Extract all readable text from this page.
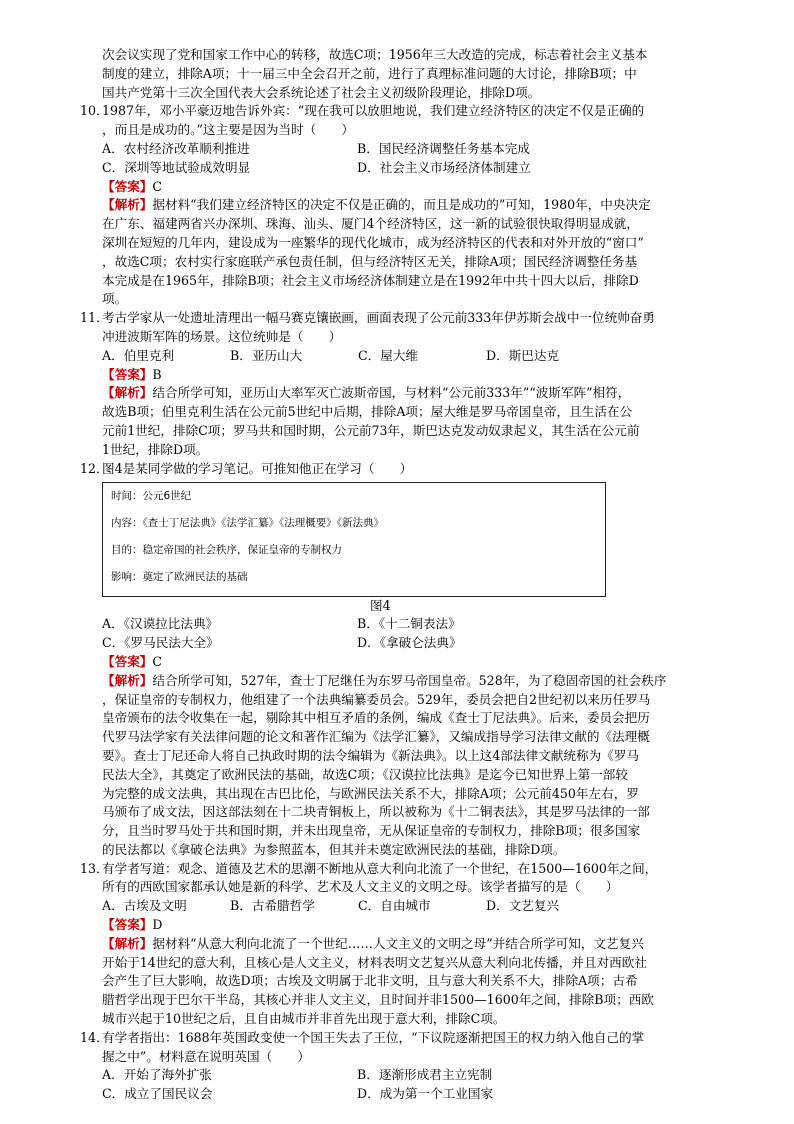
次会议实现了党和国家工作中心的转移，故选C项；1956年三大改造的完成，标志着社会主义基本
制度的建立，排除A项；十一届三中全会召开之前，进行了真理标准问题的大讨论，排除B项；中
国共产党第十三次全国代表大会系统论述了社会主义初级阶段理论，排除D项。
10．1987年，邓小平豪迈地告诉外宾：“现在我可以放胆地说，我们建立经济特区的决定不仅是正确的
，而且是成功的。”这主要是因为当时（　　）
A．农村经济改革顺利推进	B．国民经济调整任务基本完成
C．深圳等地试验成效明显	D．社会主义市场经济体制建立
【答案】C
【解析】据材料“我们建立经济特区的决定不仅是正确的，而且是成功的”可知，1980年，中央决定
在广东、福建两省兴办深圳、珠海、汕头、厦门4个经济特区，这一新的试验很快取得明显成就，
深圳在短短的几年内，建设成为一座繁华的现代化城市，成为经济特区的代表和对外开放的“窗口”
，故选C项；农村实行家庭联产承包责任制，但与经济特区无关，排除A项；国民经济调整任务基
本完成是在1965年，排除B项；社会主义市场经济体制建立是在1992年中共十四大以后，排除D
项。
11．考古学家从一处遗址清理出一幅马赛克镶嵌画，画面表现了公元前333年伊苏斯会战中一位统帅奋勇
冲进波斯军阵的场景。这位统帅是（　　）
A．伯里克利	B．亚历山大	C．屋大维	D．斯巴达克
【答案】B
【解析】结合所学可知，亚历山大率军灭亡波斯帝国，与材料“公元前333年”“波斯军阵”相符，
故选B项；伯里克利生活在公元前5世纪中后期，排除A项；屋大维是罗马帝国皇帝，且生活在公
元前1世纪，排除C项；罗马共和国时期，公元前73年，斯巴达克发动奴隶起义，其生活在公元前
1世纪，排除D项。
12．图4是某同学做的学习笔记。可推知他正在学习（　　）
时间：公元6世纪
内容：《查士丁尼法典》《法学汇纂》《法理概要》《新法典》
目的：稳定帝国的社会秩序，保证皇帝的专制权力
影响：奠定了欧洲民法的基础
图4
A．《汉谟拉比法典》	B．《十二铜表法》
C．《罗马民法大全》	D．《拿破仑法典》
【答案】C
【解析】结合所学可知，527年，查士丁尼继任为东罗马帝国皇帝。528年，为了稳固帝国的社会秩序
，保证皇帝的专制权力，他组建了一个法典编纂委员会。529年，委员会把自2世纪初以来历任罗马
皇帝颁布的法令收集在一起，剔除其中相互矛盾的条例，编成《查士丁尼法典》。后来，委员会把历
代罗马法学家有关法律问题的论文和著作汇编为《法学汇纂》，又编成指导学习法律文献的《法理概
要》。查士丁尼还命人将自己执政时期的法令编辑为《新法典》。以上这4部法律文献统称为《罗马
民法大全》，其奠定了欧洲民法的基础，故选C项；《汉谟拉比法典》是迄今已知世界上第一部较
为完整的成文法典，其出现在古巴比伦，与欧洲民法关系不大，排除A项；公元前450年左右，罗
马颁布了成文法，因这部法刻在十二块青铜板上，所以被称为《十二铜表法》，其是罗马法律的一部
分，且当时罗马处于共和国时期，并未出现皇帝，无从保证皇帝的专制权力，排除B项；很多国家
的民法都以《拿破仑法典》为参照蓝本，但其并未奠定欧洲民法的基础，排除D项。
13．有学者写道：观念、道德及艺术的思潮不断地从意大利向北流了一个世纪，在1500—1600年之间，
所有的西欧国家都承认她是新的科学、艺术及人文主义的文明之母。该学者描写的是（　　）
A．古埃及文明	B．古希腊哲学	C．自由城市	D．文艺复兴
【答案】D
【解析】据材料“从意大利向北流了一个世纪……人文主义的文明之母”并结合所学可知，文艺复兴
开始于14世纪的意大利，且核心是人文主义，材料表明文艺复兴从意大利向北传播，并且对西欧社
会产生了巨大影响，故选D项；古埃及文明属于北非文明，且与意大利关系不大，排除A项；古希
腊哲学出现于巴尔干半岛，其核心并非人文主义，且时间并非1500—1600年之间，排除B项；西欧
城市兴起于10世纪之后，且自由城市并非首先出现于意大利，排除C项。
14．有学者指出：1688年英国政变使一个国王失去了王位，“下议院逐渐把国王的权力纳入他自己的掌
握之中”。材料意在说明英国（　　）
A．开始了海外扩张	B．逐渐形成君主立宪制
C．成立了国民议会	D．成为第一个工业国家
